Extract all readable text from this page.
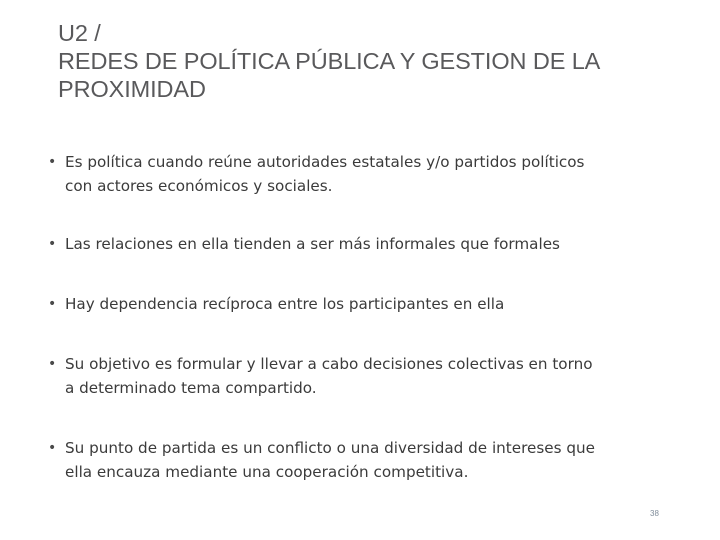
U2 /
REDES DE POLÍTICA PÚBLICA Y GESTION DE LA
PROXIMIDAD
• Es política cuando reúne autoridades estatales y/o partidos políticos
con actores económicos y sociales.
• Las relaciones en ella tienden a ser más informales que formales
• Hay dependencia recíproca entre los participantes en ella
• Su objetivo es formular y llevar a cabo decisiones colectivas en torno
a determinado tema compartido.
• Su punto de partida es un conflicto o una diversidad de intereses que
ella encauza mediante una cooperación competitiva.
38
